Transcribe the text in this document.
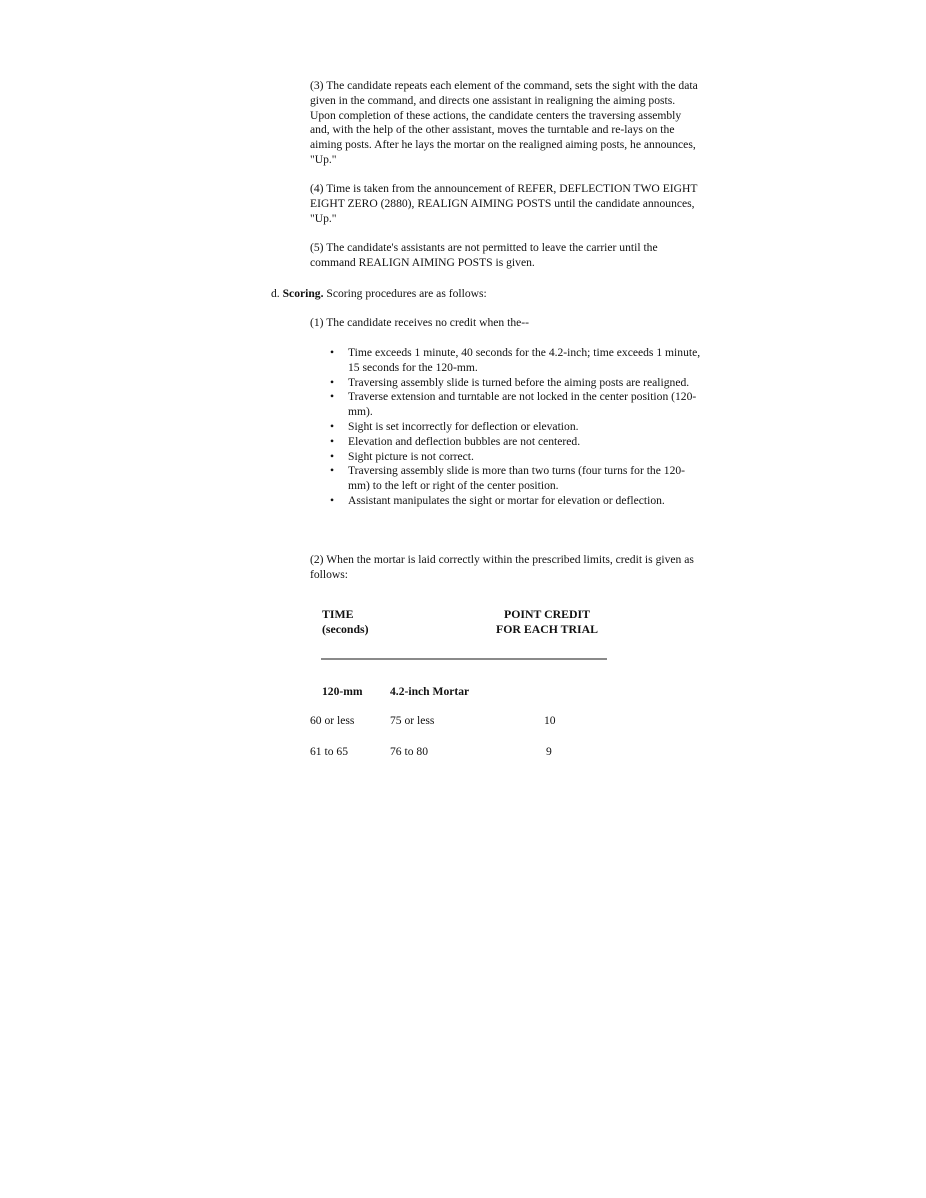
(3) The candidate repeats each element of the command, sets the sight with the data given in the command, and directs one assistant in realigning the aiming posts. Upon completion of these actions, the candidate centers the traversing assembly and, with the help of the other assistant, moves the turntable and re-lays on the aiming posts. After he lays the mortar on the realigned aiming posts, he announces, "Up."

(4) Time is taken from the announcement of REFER, DEFLECTION TWO EIGHT EIGHT ZERO (2880), REALIGN AIMING POSTS until the candidate announces, "Up."

(5) The candidate's assistants are not permitted to leave the carrier until the command REALIGN AIMING POSTS is given.

d. Scoring. Scoring procedures are as follows:

(1) The candidate receives no credit when the--

• Time exceeds 1 minute, 40 seconds for the 4.2-inch; time exceeds 1 minute, 15 seconds for the 120-mm.
• Traversing assembly slide is turned before the aiming posts are realigned.
• Traverse extension and turntable are not locked in the center position (120-mm).
• Sight is set incorrectly for deflection or elevation.
• Elevation and deflection bubbles are not centered.
• Sight picture is not correct.
• Traversing assembly slide is more than two turns (four turns for the 120-mm) to the left or right of the center position.
• Assistant manipulates the sight or mortar for elevation or deflection.

(2) When the mortar is laid correctly within the prescribed limits, credit is given as follows:

TIME
(seconds)
POINT CREDIT
FOR EACH TRIAL
120-mm 4.2-inch Mortar
60 or less	75 or less	10
61 to 65	76 to 80	9
